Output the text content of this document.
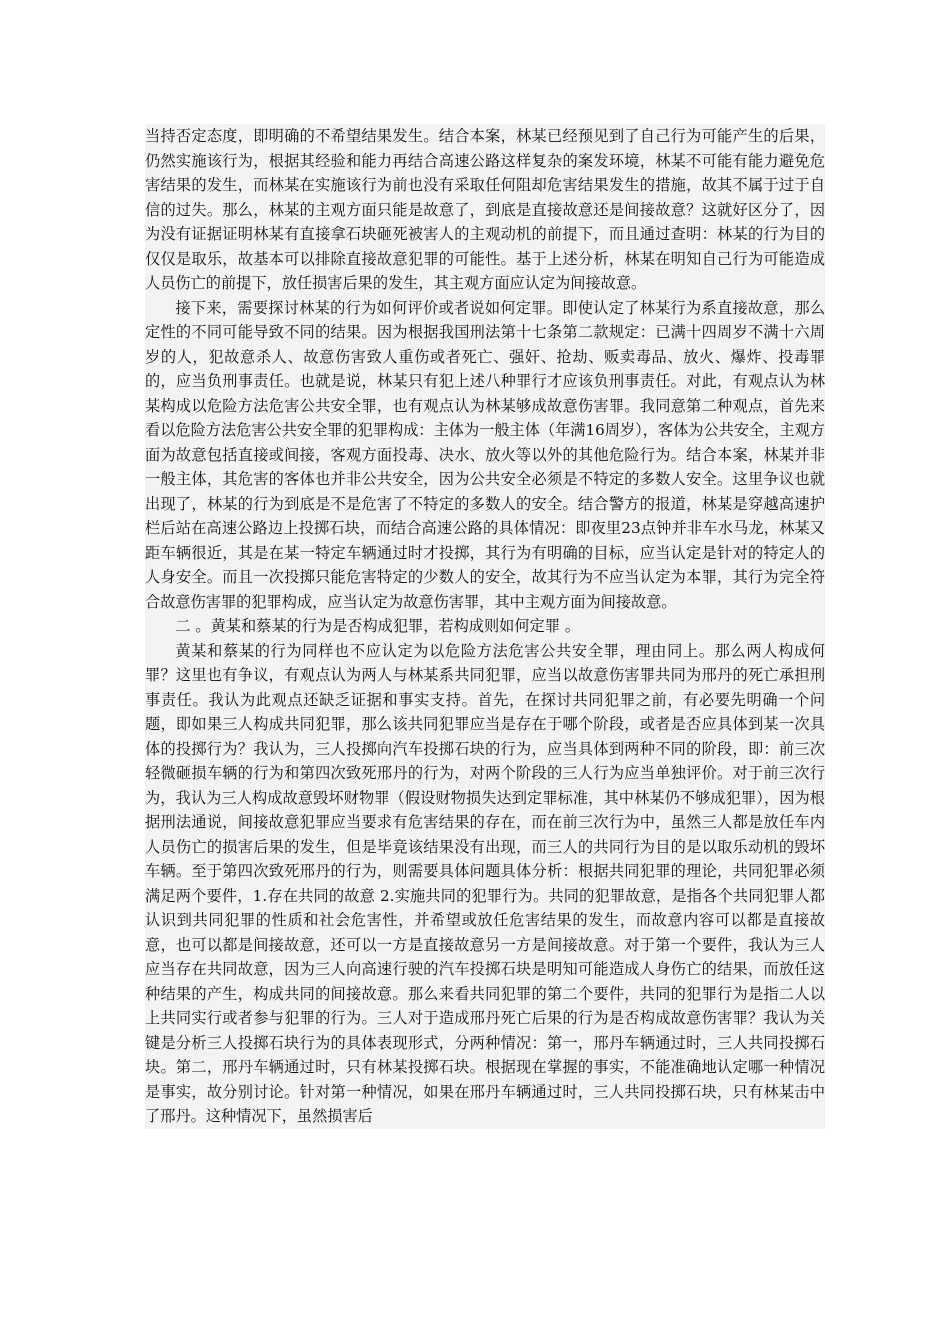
当持否定态度，即明确的不希望结果发生。结合本案，林某已经预见到了自己行为可能产生的后果，仍然实施该行为，根据其经验和能力再结合高速公路这样复杂的案发环境，林某不可能有能力避免危害结果的发生，而林某在实施该行为前也没有采取任何阻却危害结果发生的措施，故其不属于过于自信的过失。那么，林某的主观方面只能是故意了，到底是直接故意还是间接故意？这就好区分了，因为没有证据证明林某有直接拿石块砸死被害人的主观动机的前提下，而且通过查明：林某的行为目的仅仅是取乐，故基本可以排除直接故意犯罪的可能性。基于上述分析，林某在明知自己行为可能造成人员伤亡的前提下，放任损害后果的发生，其主观方面应认定为间接故意。

接下来，需要探讨林某的行为如何评价或者说如何定罪。即使认定了林某行为系直接故意，那么定性的不同可能导致不同的结果。因为根据我国刑法第十七条第二款规定：已满十四周岁不满十六周岁的人，犯故意杀人、故意伤害致人重伤或者死亡、强奸、抢劫、贩卖毒品、放火、爆炸、投毒罪的，应当负刑事责任。也就是说，林某只有犯上述八种罪行才应该负刑事责任。对此，有观点认为林某构成以危险方法危害公共安全罪，也有观点认为林某够成故意伤害罪。我同意第二种观点，首先来看以危险方法危害公共安全罪的犯罪构成：主体为一般主体（年满16周岁），客体为公共安全，主观方面为故意包括直接或间接，客观方面投毒、决水、放火等以外的其他危险行为。结合本案，林某并非一般主体，其危害的客体也并非公共安全，因为公共安全必须是不特定的多数人安全。这里争议也就出现了，林某的行为到底是不是危害了不特定的多数人的安全。结合警方的报道，林某是穿越高速护栏后站在高速公路边上投掷石块，而结合高速公路的具体情况：即夜里23点钟并非车水马龙，林某又距车辆很近，其是在某一特定车辆通过时才投掷，其行为有明确的目标，应当认定是针对的特定人的人身安全。而且一次投掷只能危害特定的少数人的安全，故其行为不应当认定为本罪，其行为完全符合故意伤害罪的犯罪构成，应当认定为故意伤害罪，其中主观方面为间接故意。

二 。黄某和蔡某的行为是否构成犯罪，若构成则如何定罪 。

黄某和蔡某的行为同样也不应认定为以危险方法危害公共安全罪，理由同上。那么两人构成何罪？这里也有争议，有观点认为两人与林某系共同犯罪，应当以故意伤害罪共同为邢丹的死亡承担刑事责任。我认为此观点还缺乏证据和事实支持。首先，在探讨共同犯罪之前，有必要先明确一个问题，即如果三人构成共同犯罪，那么该共同犯罪应当是存在于哪个阶段，或者是否应具体到某一次具体的投掷行为？我认为，三人投掷向汽车投掷石块的行为，应当具体到两种不同的阶段，即：前三次轻微砸损车辆的行为和第四次致死邢丹的行为，对两个阶段的三人行为应当单独评价。对于前三次行为，我认为三人构成故意毁坏财物罪（假设财物损失达到定罪标准，其中林某仍不够成犯罪），因为根据刑法通说，间接故意犯罪应当要求有危害结果的存在，而在前三次行为中，虽然三人都是放任车内人员伤亡的损害后果的发生，但是毕竟该结果没有出现，而三人的共同行为目的是以取乐动机的毁坏车辆。至于第四次致死邢丹的行为，则需要具体问题具体分析：根据共同犯罪的理论，共同犯罪必须满足两个要件，1.存在共同的故意 2.实施共同的犯罪行为。共同的犯罪故意，是指各个共同犯罪人都认识到共同犯罪的性质和社会危害性，并希望或放任危害结果的发生，而故意内容可以都是直接故意，也可以都是间接故意，还可以一方是直接故意另一方是间接故意。对于第一个要件，我认为三人应当存在共同故意，因为三人向高速行驶的汽车投掷石块是明知可能造成人身伤亡的结果，而放任这种结果的产生，构成共同的间接故意。那么来看共同犯罪的第二个要件，共同的犯罪行为是指二人以上共同实行或者参与犯罪的行为。三人对于造成邢丹死亡后果的行为是否构成故意伤害罪？我认为关键是分析三人投掷石块行为的具体表现形式，分两种情况：第一，邢丹车辆通过时，三人共同投掷石块。第二，邢丹车辆通过时，只有林某投掷石块。根据现在掌握的事实，不能准确地认定哪一种情况是事实，故分别讨论。针对第一种情况，如果在邢丹车辆通过时，三人共同投掷石块，只有林某击中了邢丹。这种情况下，虽然损害后
